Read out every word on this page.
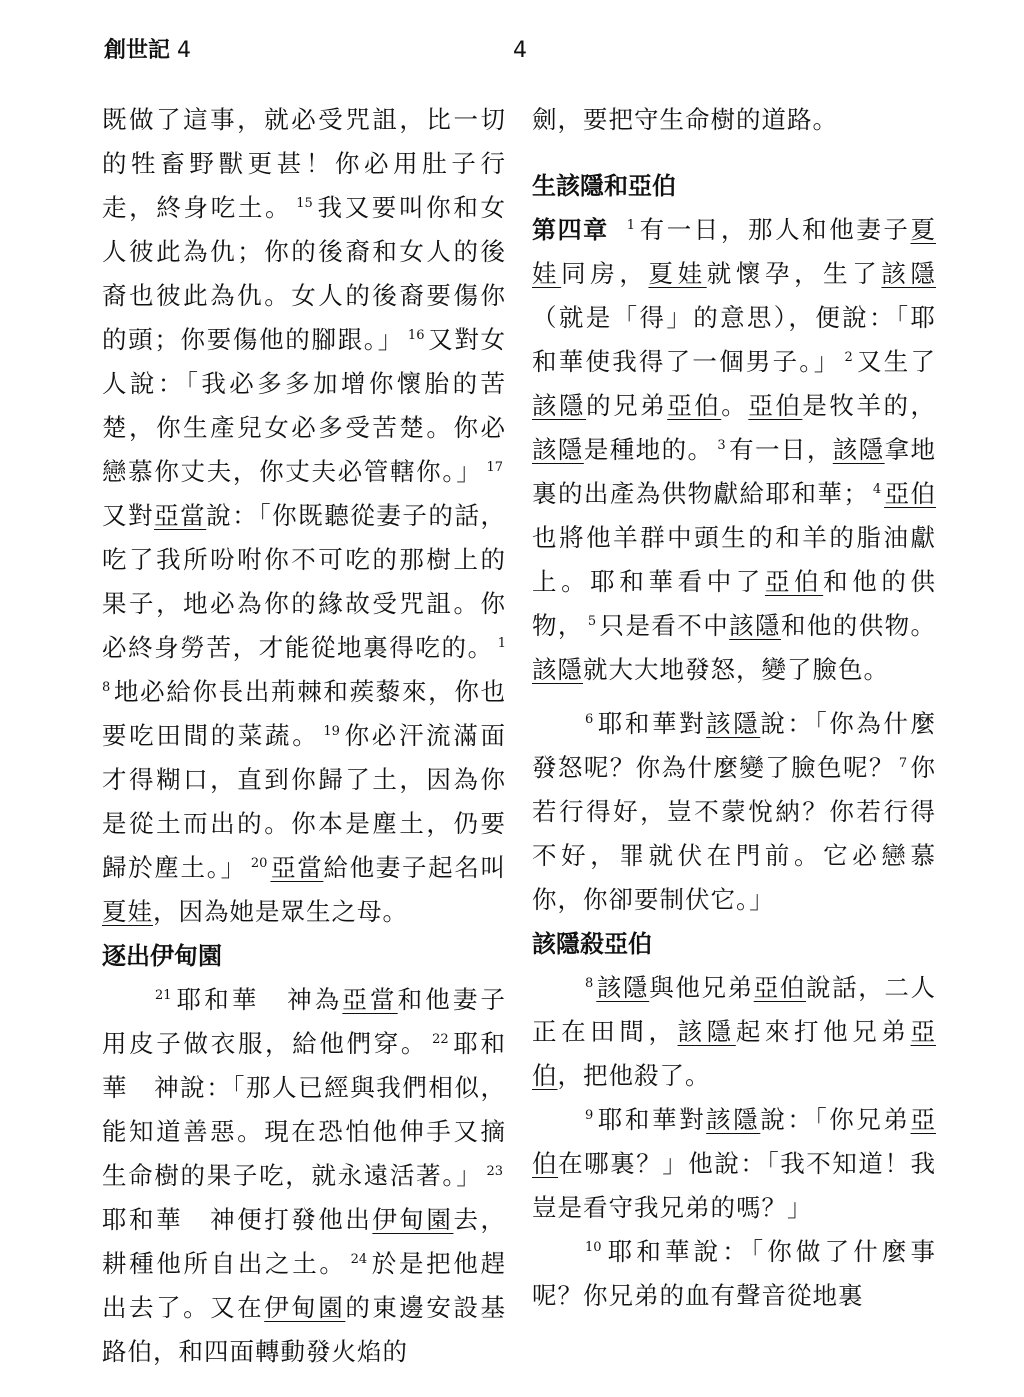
創世記 4	4

既做了這事，就必受咒詛，比一切的牲畜野獸更甚！你必用肚子行走，終身吃土。 $^{15}$ 我又要叫你和女人彼此為仇；你的後裔和女人的後裔也彼此為仇。女人的後裔要傷你的頭；你要傷他的腳跟。」 $^{16}$ 又對女人說：「我必多多加增你懷胎的苦楚，你生產兒女必多受苦楚。你必戀慕你丈夫，你丈夫必管轄你。」 $^{17}$又對亞當說：「你既聽從妻子的話，吃了我所吩咐你不可吃的那樹上的果子，地必為你的緣故受咒詛。你必終身勞苦，才能從地裏得吃的。 $^{18}$ 地必給你長出荊棘和蒺藜來，你也要吃田間的菜蔬。 $^{19}$ 你必汗流滿面才得糊口，直到你歸了土，因為你是從土而出的。你本是塵土，仍要歸於塵土。」 $^{20}$ 亞當給他妻子起名叫夏娃，因為她是眾生之母。

逐出伊甸園

$^{21}$ 耶和華　神為亞當和他妻子用皮子做衣服，給他們穿。 $^{22}$ 耶和華　神說：「那人已經與我們相似，能知道善惡。現在恐怕他伸手又摘生命樹的果子吃，就永遠活著。」 $^{23}$耶和華　神便打發他出伊甸園去，耕種他所自出之土。 $^{24}$ 於是把他趕出去了。又在伊甸園的東邊安設基路伯，和四面轉動發火焰的

劍，要把守生命樹的道路。

生該隱和亞伯

第四章 $^1$ 有一日，那人和他妻子夏娃同房，夏娃就懷孕，生了該隱（就是「得」的意思），便說：「耶和華使我得了一個男子。」 $^2$ 又生了該隱的兄弟亞伯。亞伯是牧羊的，該隱是種地的。 $^3$ 有一日，該隱拿地裏的出產為供物獻給耶和華； $^4$ 亞伯也將他羊群中頭生的和羊的脂油獻上。耶和華看中了亞伯和他的供物， $^5$ 只是看不中該隱和他的供物。該隱就大大地發怒，變了臉色。

$^6$ 耶和華對該隱說：「你為什麼發怒呢？你為什麼變了臉色呢？ $^7$ 你若行得好，豈不蒙悅納？你若行得不好，罪就伏在門前。它必戀慕你，你卻要制伏它。」

該隱殺亞伯

$^8$ 該隱與他兄弟亞伯說話，二人正在田間，該隱起來打他兄弟亞伯，把他殺了。

$^9$ 耶和華對該隱說：「你兄弟亞伯在哪裏？」他說：「我不知道！我豈是看守我兄弟的嗎？」

$^{10}$ 耶和華說：「你做了什麼事呢？你兄弟的血有聲音從地裏
